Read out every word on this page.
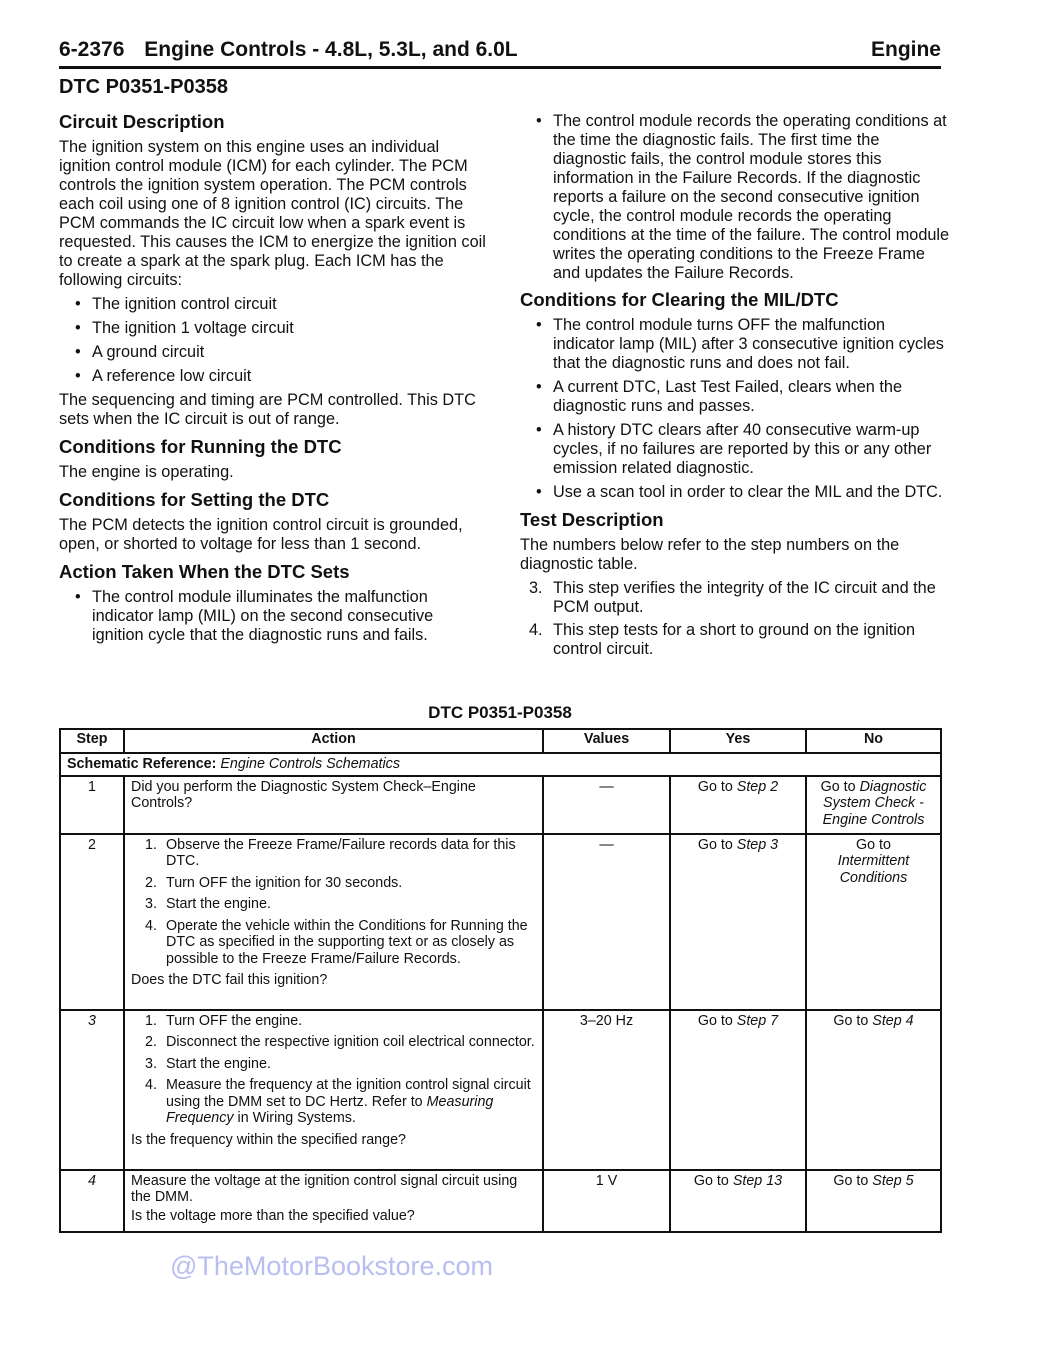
6-2376 Engine Controls - 4.8L, 5.3L, and 6.0L	Engine
DTC P0351-P0358
Circuit Description

The ignition system on this engine uses an individual ignition control module (ICM) for each cylinder. The PCM controls the ignition system operation. The PCM controls each coil using one of 8 ignition control (IC) circuits. The PCM commands the IC circuit low when a spark event is requested. This causes the ICM to energize the ignition coil to create a spark at the spark plug. Each ICM has the following circuits:

• The ignition control circuit
• The ignition 1 voltage circuit
• A ground circuit
• A reference low circuit

The sequencing and timing are PCM controlled. This DTC sets when the IC circuit is out of range.

Conditions for Running the DTC

The engine is operating.

Conditions for Setting the DTC

The PCM detects the ignition control circuit is grounded, open, or shorted to voltage for less than 1 second.

Action Taken When the DTC Sets
• The control module illuminates the malfunction indicator lamp (MIL) on the second consecutive ignition cycle that the diagnostic runs and fails.
• The control module records the operating conditions at the time the diagnostic fails. The first time the diagnostic fails, the control module stores this information in the Failure Records. If the diagnostic reports a failure on the second consecutive ignition cycle, the control module records the operating conditions at the time of the failure. The control module writes the operating conditions to the Freeze Frame and updates the Failure Records.
Conditions for Clearing the MIL/DTC
• The control module turns OFF the malfunction indicator lamp (MIL) after 3 consecutive ignition cycles that the diagnostic runs and does not fail.
• A current DTC, Last Test Failed, clears when the diagnostic runs and passes.
• A history DTC clears after 40 consecutive warm-up cycles, if no failures are reported by this or any other emission related diagnostic.
• Use a scan tool in order to clear the MIL and the DTC.
Test Description

The numbers below refer to the step numbers on the diagnostic table.

3. This step verifies the integrity of the IC circuit and the PCM output.
4. This step tests for a short to ground on the ignition control circuit.
DTC P0351-P0358
Step	Action	Values	Yes	No
Schematic Reference: Engine Controls Schematics				
1	Did you perform the Diagnostic System Check–Engine Controls?	—	Go to Step 2	Go to Diagnostic System Check - Engine Controls
2	1. Observe the Freeze Frame/Failure records data for this DTC.
2. Turn OFF the ignition for 30 seconds.
3. Start the engine.
4. Operate the vehicle within the Conditions for Running the DTC as specified in the supporting text or as closely as possible to the Freeze Frame/Failure Records.
Does the DTC fail this ignition?
	—	Go to Step 3	Go to
Intermittent Conditions
3	1. Turn OFF the engine.
2. Disconnect the respective ignition coil electrical connector.
3. Start the engine.
4. Measure the frequency at the ignition control signal circuit using the DMM set to DC Hertz. Refer to Measuring Frequency in Wiring Systems.
Is the frequency within the specified range?
	3–20 Hz	Go to Step 7	Go to Step 4
4	Measure the voltage at the ignition control signal circuit using the DMM.
Is the voltage more than the specified value?	1 V	Go to Step 13	Go to Step 5
@TheMotorBookstore.com
